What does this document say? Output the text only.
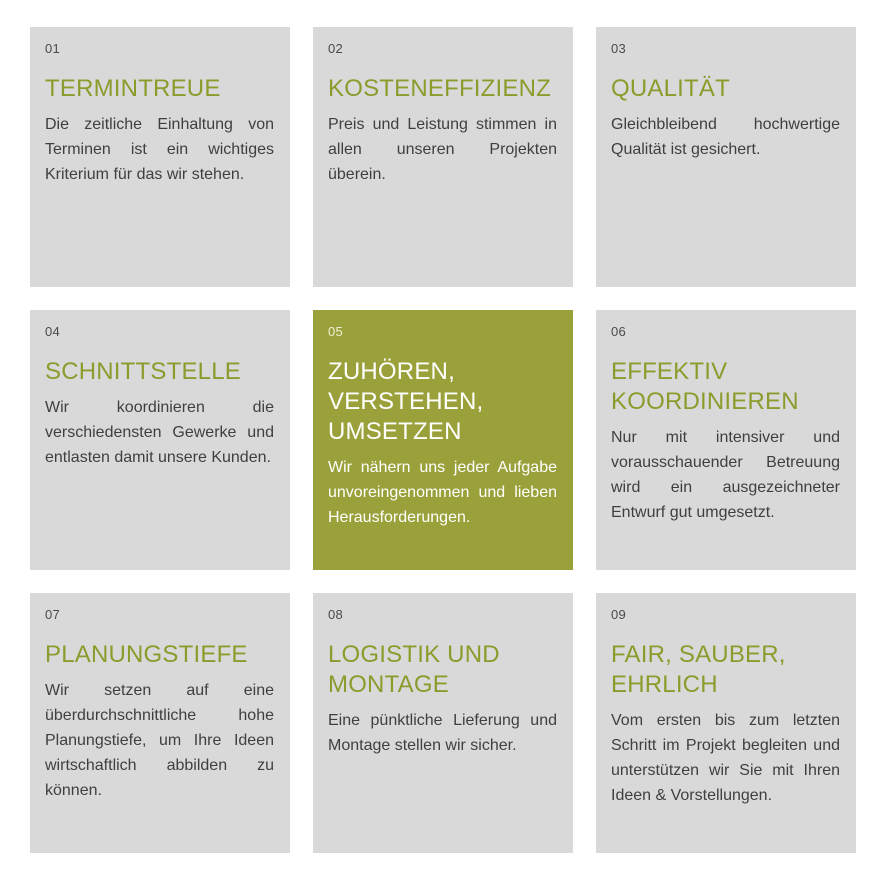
01
TERMINTREUE
Die zeitliche Einhaltung von Terminen ist ein wichtiges Kriterium für das wir stehen.
02
KOSTENEFFIZIENZ
Preis und Leistung stimmen in allen unseren Projekten überein.
03
QUALITÄT
Gleichbleibend hochwertige Qualität ist gesichert.
04
SCHNITTSTELLE
Wir koordinieren die verschiedensten Gewerke und entlasten damit unsere Kunden.
05
ZUHÖREN,
VERSTEHEN,
UMSETZEN
Wir nähern uns jeder Aufgabe unvoreingenommen und lieben Herausforderungen.
06
EFFEKTIV
KOORDINIEREN
Nur mit intensiver und vorausschauender Betreuung wird ein ausgezeichneter Entwurf gut umgesetzt.
07
PLANUNGSTIEFE
Wir setzen auf eine überdurchschnittliche hohe Planungstiefe, um Ihre Ideen wirtschaftlich abbilden zu können.
08
LOGISTIK UND
MONTAGE
Eine pünktliche Lieferung und Montage stellen wir sicher.
09
FAIR, SAUBER,
EHRLICH
Vom ersten bis zum letzten Schritt im Projekt begleiten und unterstützen wir Sie mit Ihren Ideen & Vorstellungen.
